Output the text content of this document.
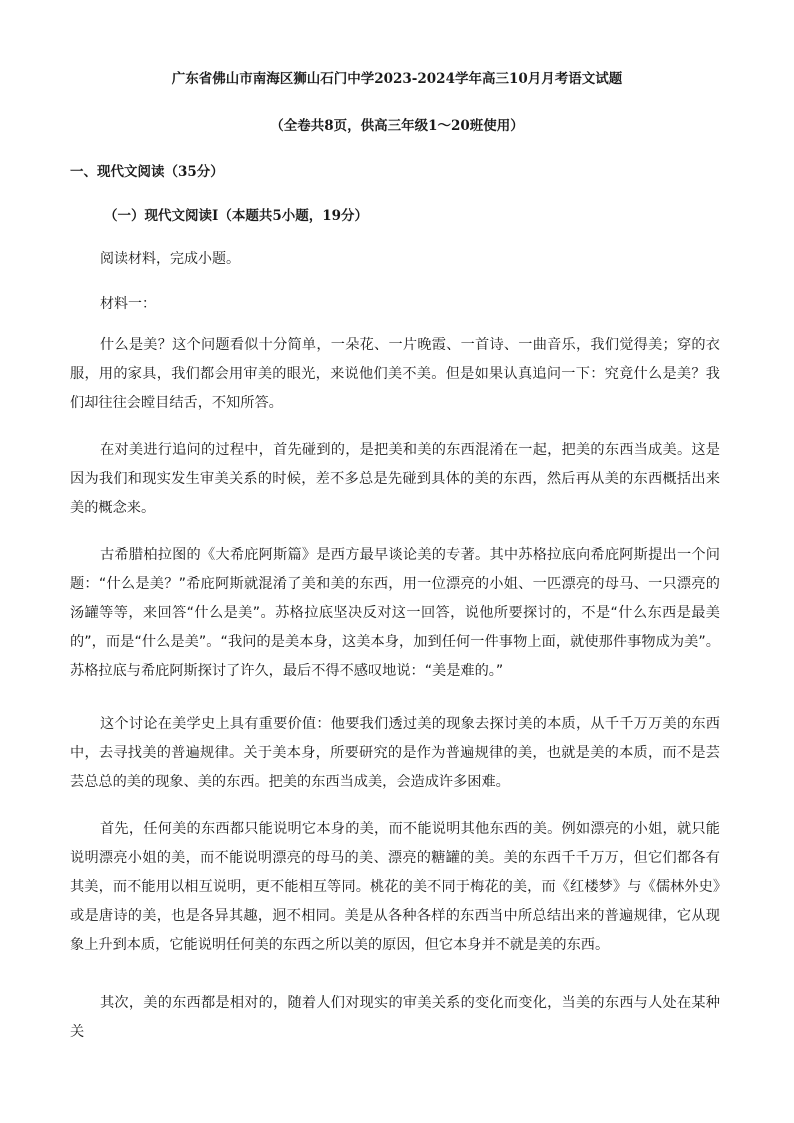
广东省佛山市南海区狮山石门中学2023-2024学年高三10月月考语文试题
（全卷共8页，供高三年级1～20班使用）
一、现代文阅读（35分）
（一）现代文阅读Ⅰ（本题共5小题，19分）
阅读材料，完成小题。
材料一：

什么是美？这个问题看似十分简单，一朵花、一片晚霞、一首诗、一曲音乐，我们觉得美；穿的衣服，用的家具，我们都会用审美的眼光，来说他们美不美。但是如果认真追问一下：究竟什么是美？我们却往往会瞠目结舌，不知所答。

在对美进行追问的过程中，首先碰到的，是把美和美的东西混淆在一起，把美的东西当成美。这是因为我们和现实发生审美关系的时候，差不多总是先碰到具体的美的东西，然后再从美的东西概括出来美的概念来。

古希腊柏拉图的《大希庇阿斯篇》是西方最早谈论美的专著。其中苏格拉底向希庇阿斯提出一个问题：“什么是美？”希庇阿斯就混淆了美和美的东西，用一位漂亮的小姐、一匹漂亮的母马、一只漂亮的汤罐等等，来回答“什么是美”。苏格拉底坚决反对这一回答，说他所要探讨的，不是“什么东西是最美的”，而是“什么是美”。“我问的是美本身，这美本身，加到任何一件事物上面，就使那件事物成为美”。苏格拉底与希庇阿斯探讨了许久，最后不得不感叹地说：“美是难的。”

这个讨论在美学史上具有重要价值：他要我们透过美的现象去探讨美的本质，从千千万万美的东西中，去寻找美的普遍规律。关于美本身，所要研究的是作为普遍规律的美，也就是美的本质，而不是芸芸总总的美的现象、美的东西。把美的东西当成美，会造成许多困难。

首先，任何美的东西都只能说明它本身的美，而不能说明其他东西的美。例如漂亮的小姐，就只能说明漂亮小姐的美，而不能说明漂亮的母马的美、漂亮的糖罐的美。美的东西千千万万，但它们都各有其美，而不能用以相互说明，更不能相互等同。桃花的美不同于梅花的美，而《红楼梦》与《儒林外史》或是唐诗的美，也是各异其趣，迥不相同。美是从各种各样的东西当中所总结出来的普遍规律，它从现象上升到本质，它能说明任何美的东西之所以美的原因，但它本身并不就是美的东西。

其次，美的东西都是相对的，随着人们对现实的审美关系的变化而变化，当美的东西与人处在某种关
